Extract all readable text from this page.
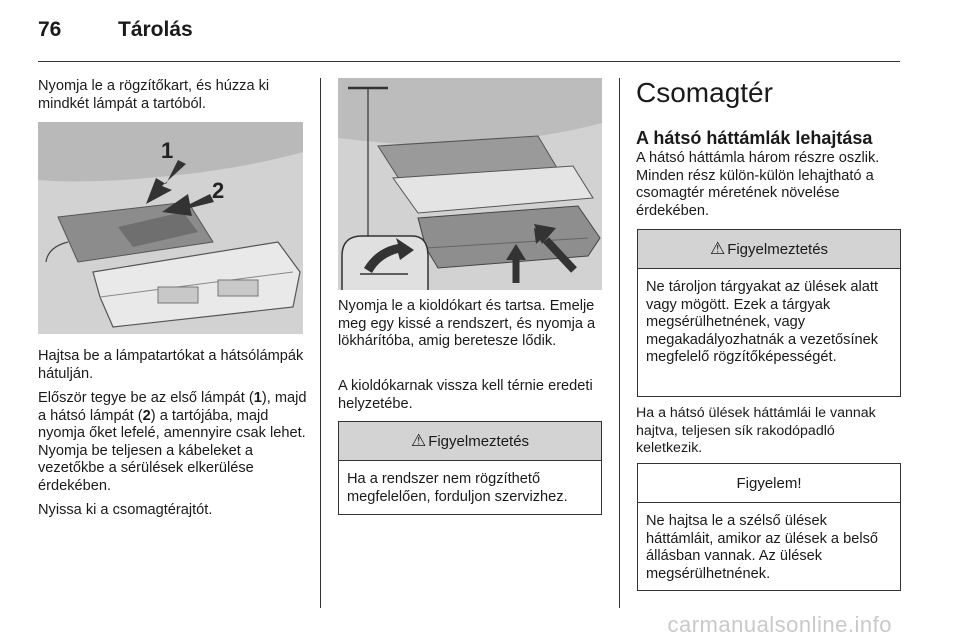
76	Tárolás
Nyomja le a rögzítőkart, és húzza ki mindkét lámpát a tartóból.
1
2
Hajtsa be a lámpatartókat a hátsólámpák hátulján.
Először tegye be az első lámpát (1), majd a hátsó lámpát (2) a tartójába, majd nyomja őket lefelé, amennyire csak lehet. Nyomja be teljesen a kábeleket a vezetőkbe a sérülések elkerülése érdekében.
Nyissa ki a csomagtérajtót.
Nyomja le a kioldókart és tartsa. Emelje meg egy kissé a rendszert, és nyomja a lökhárítóba, amig beretesze lődik.
A kioldókarnak vissza kell térnie eredeti helyzetébe.
⚠ Figyelmeztetés
Ha a rendszer nem rögzíthető megfelelően, forduljon szervizhez.
Csomagtér
A hátsó háttámlák lehajtása
A hátsó háttámla három részre oszlik. Minden rész külön-külön lehajtható a csomagtér méretének növelése érdekében.
⚠ Figyelmeztetés
Ne tároljon tárgyakat az ülések alatt vagy mögött. Ezek a tárgyak megsérülhetnének, vagy megakadályozhatnák a vezetősínek megfelelő rögzítőképességét.
Ha a hátsó ülések háttámlái le vannak hajtva, teljesen sík rakodópadló keletkezik.
Figyelem!
Ne hajtsa le a szélső ülések háttámláit, amikor az ülések a belső állásban vannak. Az ülések megsérülhetnének.
carmanualsonline.info
